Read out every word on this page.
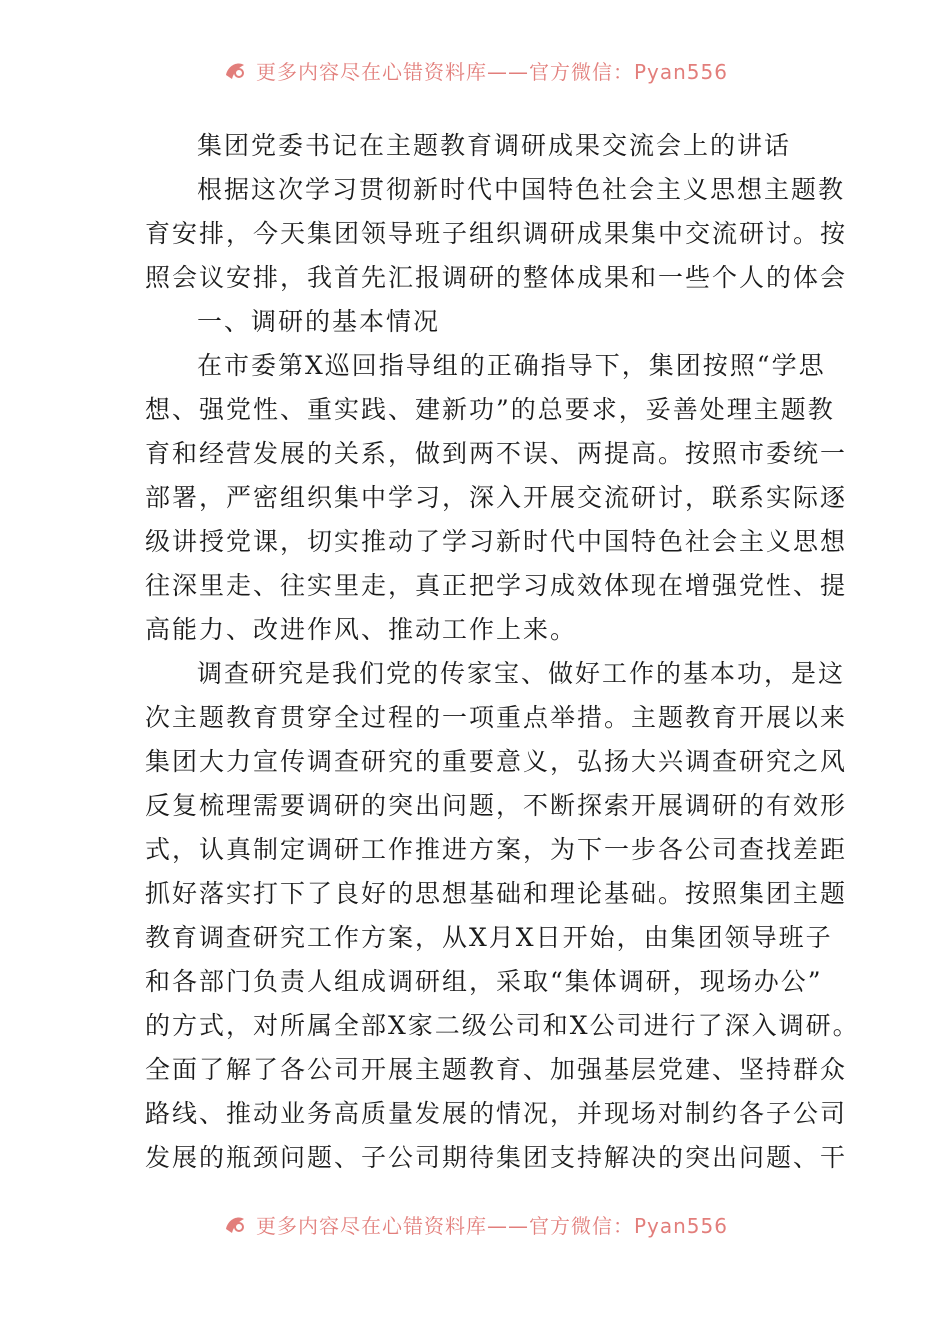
更多内容尽在心错资料库——官方微信：Pyan556
集团党委书记在主题教育调研成果交流会上的讲话
根据这次学习贯彻新时代中国特色社会主义思想主题教
育安排，今天集团领导班子组织调研成果集中交流研讨。按
照会议安排，我首先汇报调研的整体成果和一些个人的体会
一、调研的基本情况
在市委第X巡回指导组的正确指导下，集团按照“学思
想、强党性、重实践、建新功”的总要求，妥善处理主题教
育和经营发展的关系，做到两不误、两提高。按照市委统一
部署，严密组织集中学习，深入开展交流研讨，联系实际逐
级讲授党课，切实推动了学习新时代中国特色社会主义思想
往深里走、往实里走，真正把学习成效体现在增强党性、提
高能力、改进作风、推动工作上来。
调查研究是我们党的传家宝、做好工作的基本功，是这
次主题教育贯穿全过程的一项重点举措。主题教育开展以来
集团大力宣传调查研究的重要意义，弘扬大兴调查研究之风
反复梳理需要调研的突出问题，不断探索开展调研的有效形
式，认真制定调研工作推进方案，为下一步各公司查找差距
抓好落实打下了良好的思想基础和理论基础。按照集团主题
教育调查研究工作方案，从X月X日开始，由集团领导班子
和各部门负责人组成调研组，采取“集体调研，现场办公”
的方式，对所属全部X家二级公司和X公司进行了深入调研。
全面了解了各公司开展主题教育、加强基层党建、坚持群众
路线、推动业务高质量发展的情况，并现场对制约各子公司
发展的瓶颈问题、子公司期待集团支持解决的突出问题、干
更多内容尽在心错资料库——官方微信：Pyan556
